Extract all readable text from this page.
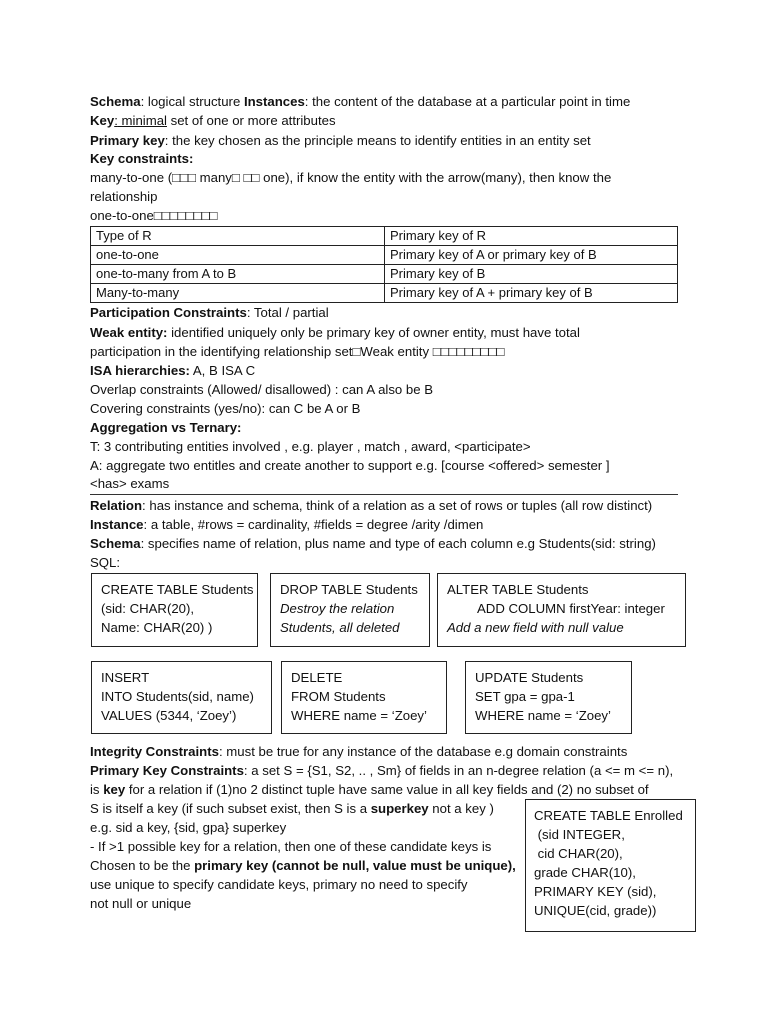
Schema: logical structure Instances: the content of the database at a particular point in time
Key: minimal set of one or more attributes
Primary key: the key chosen as the principle means to identify entities in an entity set
Key constraints:
many-to-one (□□□ many□ □□ one), if know the entity with the arrow(many), then know the
relationship
one-to-one□□□□□□□□
Type of R	Primary key of R
one-to-one	Primary key of A or primary key of B
one-to-many from A to B	Primary key of B
Many-to-many	Primary key of A + primary key of B
Participation Constraints: Total / partial
Weak entity: identified uniquely only be primary key of owner entity, must have total
participation in the identifying relationship set□Weak entity □□□□□□□□□
ISA hierarchies: A, B ISA C
Overlap constraints (Allowed/ disallowed) : can A also be B
Covering constraints (yes/no): can C be A or B
Aggregation vs Ternary:
T: 3 contributing entities involved , e.g. player , match , award, <participate>
A: aggregate two entitles and create another to support e.g. [course <offered> semester ]
<has> exams
Relation: has instance and schema, think of a relation as a set of rows or tuples (all row distinct)
Instance: a table, #rows = cardinality, #fields = degree /arity /dimen
Schema: specifies name of relation, plus name and type of each column e.g Students(sid: string)
SQL:
CREATE TABLE Students
(sid: CHAR(20),
Name: CHAR(20) )
DROP TABLE Students
Destroy the relation
Students, all deleted
ALTER TABLE Students
ADD COLUMN firstYear: integer
Add a new field with null value
INSERT
INTO Students(sid, name)
VALUES (5344, ‘Zoey’)
DELETE
FROM Students
WHERE name = ‘Zoey’
UPDATE Students
SET gpa = gpa-1
WHERE name = ‘Zoey’
Integrity Constraints: must be true for any instance of the database e.g domain constraints
Primary Key Constraints: a set S = {S1, S2, .. , Sm} of fields in an n-degree relation (a <= m <= n),
is key for a relation if (1)no 2 distinct tuple have same value in all key fields and (2) no subset of
S is itself a key (if such subset exist, then S is a superkey not a key )
e.g. sid a key, {sid, gpa} superkey
- If >1 possible key for a relation, then one of these candidate keys is
Chosen to be the primary key (cannot be null, value must be unique),
use unique to specify candidate keys, primary no need to specify
not null or unique
CREATE TABLE Enrolled
(sid INTEGER,
cid CHAR(20),
grade CHAR(10),
PRIMARY KEY (sid),
UNIQUE(cid, grade))
